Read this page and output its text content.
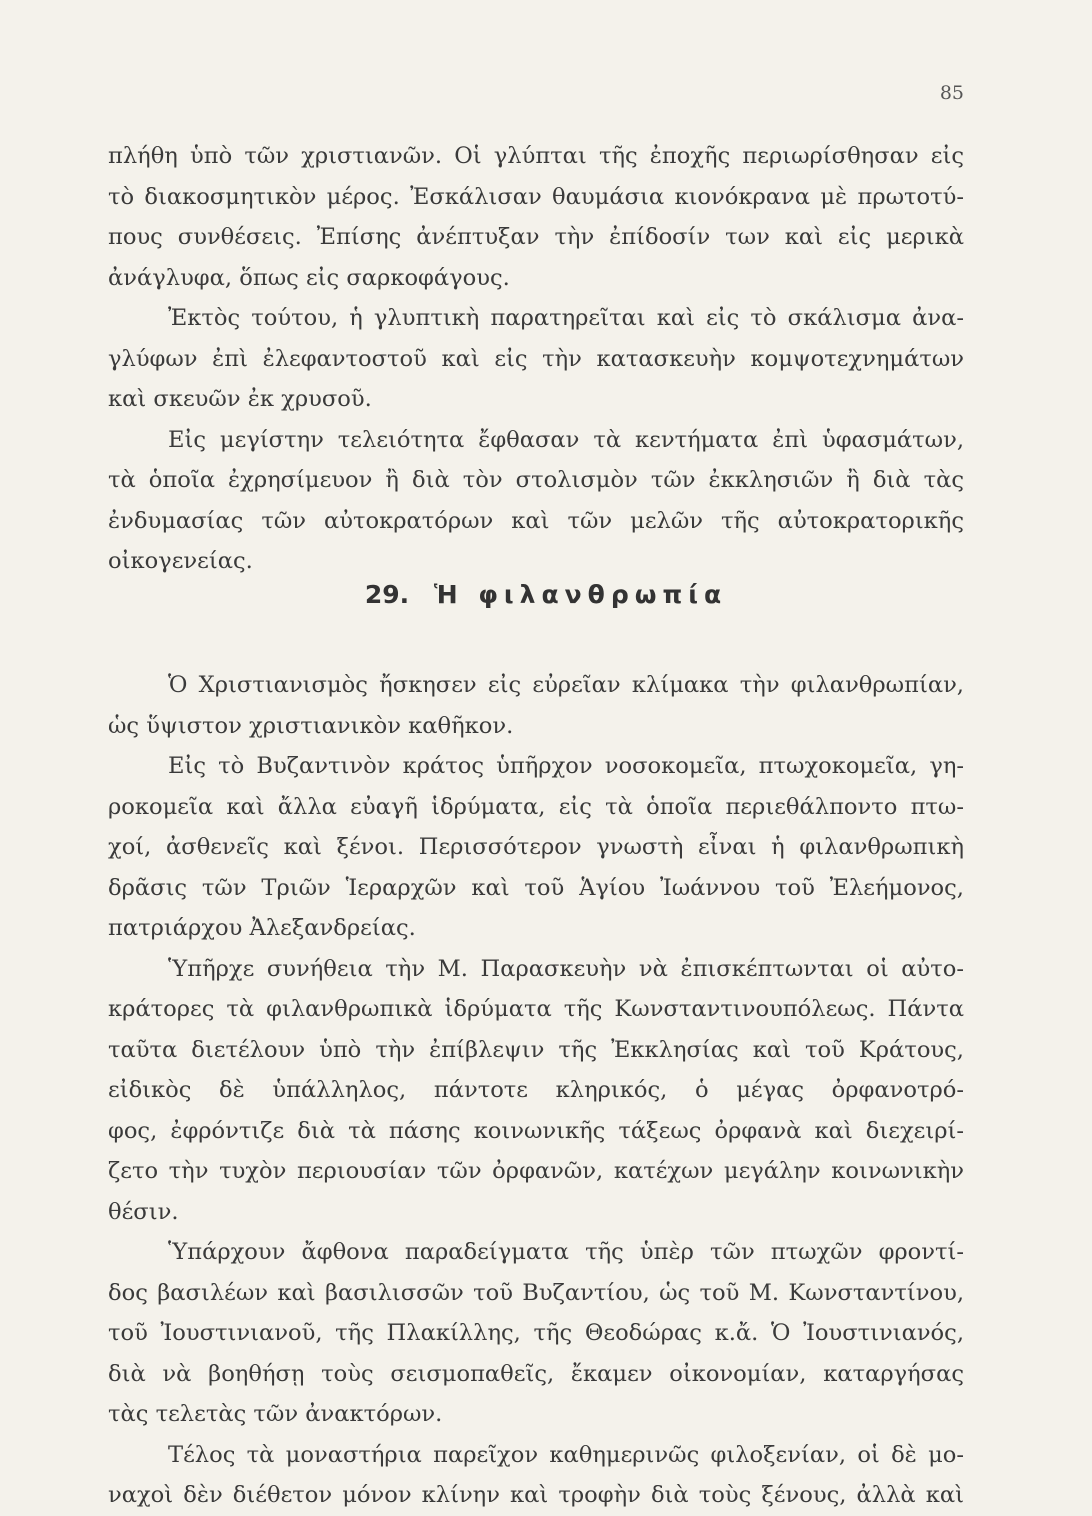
85

πλήθη ὑπὸ τῶν χριστιανῶν. Οἱ γλύπται τῆς ἐποχῆς περιωρίσθησαν εἰς

τὸ διακοσμητικὸν μέρος. Ἐσκάλισαν θαυμάσια κιονόκρανα μὲ πρωτοτύ-

πους συνθέσεις. Ἐπίσης ἀνέπτυξαν τὴν ἐπίδοσίν των καὶ εἰς μερικὰ

ἀνάγλυφα, ὅπως εἰς σαρκοφάγους.

Ἐκτὸς τούτου, ἡ γλυπτικὴ παρατηρεῖται καὶ εἰς τὸ σκάλισμα ἀνα-

γλύφων ἐπὶ ἐλεφαντοστοῦ καὶ εἰς τὴν κατασκευὴν κομψοτεχνημάτων

καὶ σκευῶν ἐκ χρυσοῦ.

Εἰς μεγίστην τελειότητα ἔφθασαν τὰ κεντήματα ἐπὶ ὑφασμάτων,

τὰ ὁποῖα ἐχρησίμευον ἢ διὰ τὸν στολισμὸν τῶν ἐκκλησιῶν ἢ διὰ τὰς

ἐνδυμασίας τῶν αὐτοκρατόρων καὶ τῶν μελῶν τῆς αὐτοκρατορικῆς

οἰκογενείας.

29. Ἡ φιλανθρωπία

Ὁ Χριστιανισμὸς ἤσκησεν εἰς εὐρεῖαν κλίμακα τὴν φιλανθρωπίαν,

ὡς ὕψιστον χριστιανικὸν καθῆκον.

Εἰς τὸ Βυζαντινὸν κράτος ὑπῆρχον νοσοκομεῖα, πτωχοκομεῖα, γη-

ροκομεῖα καὶ ἄλλα εὐαγῆ ἱδρύματα, εἰς τὰ ὁποῖα περιεθάλποντο πτω-

χοί, ἀσθενεῖς καὶ ξένοι. Περισσότερον γνωστὴ εἶναι ἡ φιλανθρωπικὴ

δρᾶσις τῶν Τριῶν Ἱεραρχῶν καὶ τοῦ Ἁγίου Ἰωάννου τοῦ Ἐλεήμονος,

πατριάρχου Ἀλεξανδρείας.

Ὑπῆρχε συνήθεια τὴν Μ. Παρασκευὴν νὰ ἐπισκέπτωνται οἱ αὐτο-

κράτορες τὰ φιλανθρωπικὰ ἱδρύματα τῆς Κωνσταντινουπόλεως. Πάντα

ταῦτα διετέλουν ὑπὸ τὴν ἐπίβλεψιν τῆς Ἐκκλησίας καὶ τοῦ Κράτους,

εἰδικὸς δὲ ὑπάλληλος, πάντοτε κληρικός, ὁ μέγας ὀρφανοτρό-

φος, ἐφρόντιζε διὰ τὰ πάσης κοινωνικῆς τάξεως ὀρφανὰ καὶ διεχειρί-

ζετο τὴν τυχὸν περιουσίαν τῶν ὀρφανῶν, κατέχων μεγάλην κοινωνικὴν

θέσιν.

Ὑπάρχουν ἄφθονα παραδείγματα τῆς ὑπὲρ τῶν πτωχῶν φροντί-

δος βασιλέων καὶ βασιλισσῶν τοῦ Βυζαντίου, ὡς τοῦ Μ. Κωνσταντίνου,

τοῦ Ἰουστινιανοῦ, τῆς Πλακίλλης, τῆς Θεοδώρας κ.ἄ. Ὁ Ἰουστινιανός,

διὰ νὰ βοηθήσῃ τοὺς σεισμοπαθεῖς, ἔκαμεν οἰκονομίαν, καταργήσας

τὰς τελετὰς τῶν ἀνακτόρων.

Τέλος τὰ μοναστήρια παρεῖχον καθημερινῶς φιλοξενίαν, οἱ δὲ μο-

ναχοὶ δὲν διέθετον μόνον κλίνην καὶ τροφὴν διὰ τοὺς ξένους, ἀλλὰ καὶ
